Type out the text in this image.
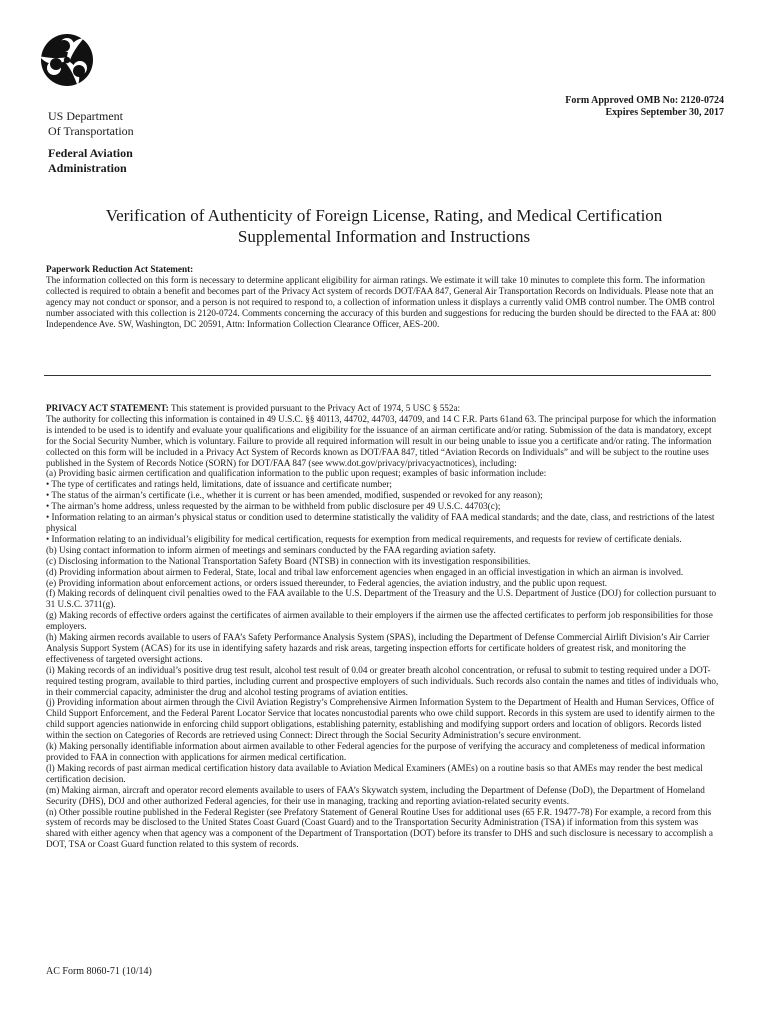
US Department
Of Transportation
Federal Aviation
Administration
Form Approved OMB No: 2120-0724
Expires September 30, 2017
Verification of Authenticity of Foreign License, Rating, and Medical Certification
Supplemental Information and Instructions
Paperwork Reduction Act Statement:
The information collected on this form is necessary to determine applicant eligibility for airman ratings. We estimate it will take 10 minutes to complete this form. The information collected is required to obtain a benefit and becomes part of the Privacy Act system of records DOT/FAA 847, General Air Transportation Records on Individuals. Please note that an agency may not conduct or sponsor, and a person is not required to respond to, a collection of information unless it displays a currently valid OMB control number. The OMB control number associated with this collection is 2120-0724. Comments concerning the accuracy of this burden and suggestions for reducing the burden should be directed to the FAA at: 800 Independence Ave. SW, Washington, DC 20591, Attn: Information Collection Clearance Officer, AES-200.

PRIVACY ACT STATEMENT: This statement is provided pursuant to the Privacy Act of 1974, 5 USC § 552a:

The authority for collecting this information is contained in 49 U.S.C. §§ 40113, 44702, 44703, 44709, and 14 C F.R. Parts 61and 63. The principal purpose for which the information is intended to be used is to identify and evaluate your qualifications and eligibility for the issuance of an airman certificate and/or rating. Submission of the data is mandatory, except for the Social Security Number, which is voluntary. Failure to provide all required information will result in our being unable to issue you a certificate and/or rating. The information collected on this form will be included in a Privacy Act System of Records known as DOT/FAA 847, titled “Aviation Records on Individuals” and will be subject to the routine uses published in the System of Records Notice (SORN) for DOT/FAA 847 (see www.dot.gov/privacy/privacyactnotices), including:

(a) Providing basic airmen certification and qualification information to the public upon request; examples of basic information include:

• The type of certificates and ratings held, limitations, date of issuance and certificate number;

• The status of the airman’s certificate (i.e., whether it is current or has been amended, modified, suspended or revoked for any reason);

• The airman’s home address, unless requested by the airman to be withheld from public disclosure per 49 U.S.C. 44703(c);

• Information relating to an airman’s physical status or condition used to determine statistically the validity of FAA medical standards; and the date, class, and restrictions of the latest physical

• Information relating to an individual’s eligibility for medical certification, requests for exemption from medical requirements, and requests for review of certificate denials.

(b) Using contact information to inform airmen of meetings and seminars conducted by the FAA regarding aviation safety.

(c) Disclosing information to the National Transportation Safety Board (NTSB) in connection with its investigation responsibilities.

(d) Providing information about airmen to Federal, State, local and tribal law enforcement agencies when engaged in an official investigation in which an airman is involved.

(e) Providing information about enforcement actions, or orders issued thereunder, to Federal agencies, the aviation industry, and the public upon request.

(f) Making records of delinquent civil penalties owed to the FAA available to the U.S. Department of the Treasury and the U.S. Department of Justice (DOJ) for collection pursuant to 31 U.S.C. 3711(g).

(g) Making records of effective orders against the certificates of airmen available to their employers if the airmen use the affected certificates to perform job responsibilities for those employers.

(h) Making airmen records available to users of FAA’s Safety Performance Analysis System (SPAS), including the Department of Defense Commercial Airlift Division’s Air Carrier Analysis Support System (ACAS) for its use in identifying safety hazards and risk areas, targeting inspection efforts for certificate holders of greatest risk, and monitoring the effectiveness of targeted oversight actions.

(i) Making records of an individual’s positive drug test result, alcohol test result of 0.04 or greater breath alcohol concentration, or refusal to submit to testing required under a DOT-required testing program, available to third parties, including current and prospective employers of such individuals. Such records also contain the names and titles of individuals who, in their commercial capacity, administer the drug and alcohol testing programs of aviation entities.

(j) Providing information about airmen through the Civil Aviation Registry’s Comprehensive Airmen Information System to the Department of Health and Human Services, Office of Child Support Enforcement, and the Federal Parent Locator Service that locates noncustodial parents who owe child support. Records in this system are used to identify airmen to the child support agencies nationwide in enforcing child support obligations, establishing paternity, establishing and modifying support orders and location of obligors. Records listed within the section on Categories of Records are retrieved using Connect: Direct through the Social Security Administration’s secure environment.

(k) Making personally identifiable information about airmen available to other Federal agencies for the purpose of verifying the accuracy and completeness of medical information provided to FAA in connection with applications for airmen medical certification.

(l) Making records of past airman medical certification history data available to Aviation Medical Examiners (AMEs) on a routine basis so that AMEs may render the best medical certification decision.

(m) Making airman, aircraft and operator record elements available to users of FAA’s Skywatch system, including the Department of Defense (DoD), the Department of Homeland Security (DHS), DOJ and other authorized Federal agencies, for their use in managing, tracking and reporting aviation-related security events.

(n) Other possible routine published in the Federal Register (see Prefatory Statement of General Routine Uses for additional uses (65 F.R. 19477-78) For example, a record from this system of records may be disclosed to the United States Coast Guard (Coast Guard) and to the Transportation Security Administration (TSA) if information from this system was shared with either agency when that agency was a component of the Department of Transportation (DOT) before its transfer to DHS and such disclosure is necessary to accomplish a DOT, TSA or Coast Guard function related to this system of records.

AC Form 8060-71 (10/14)
